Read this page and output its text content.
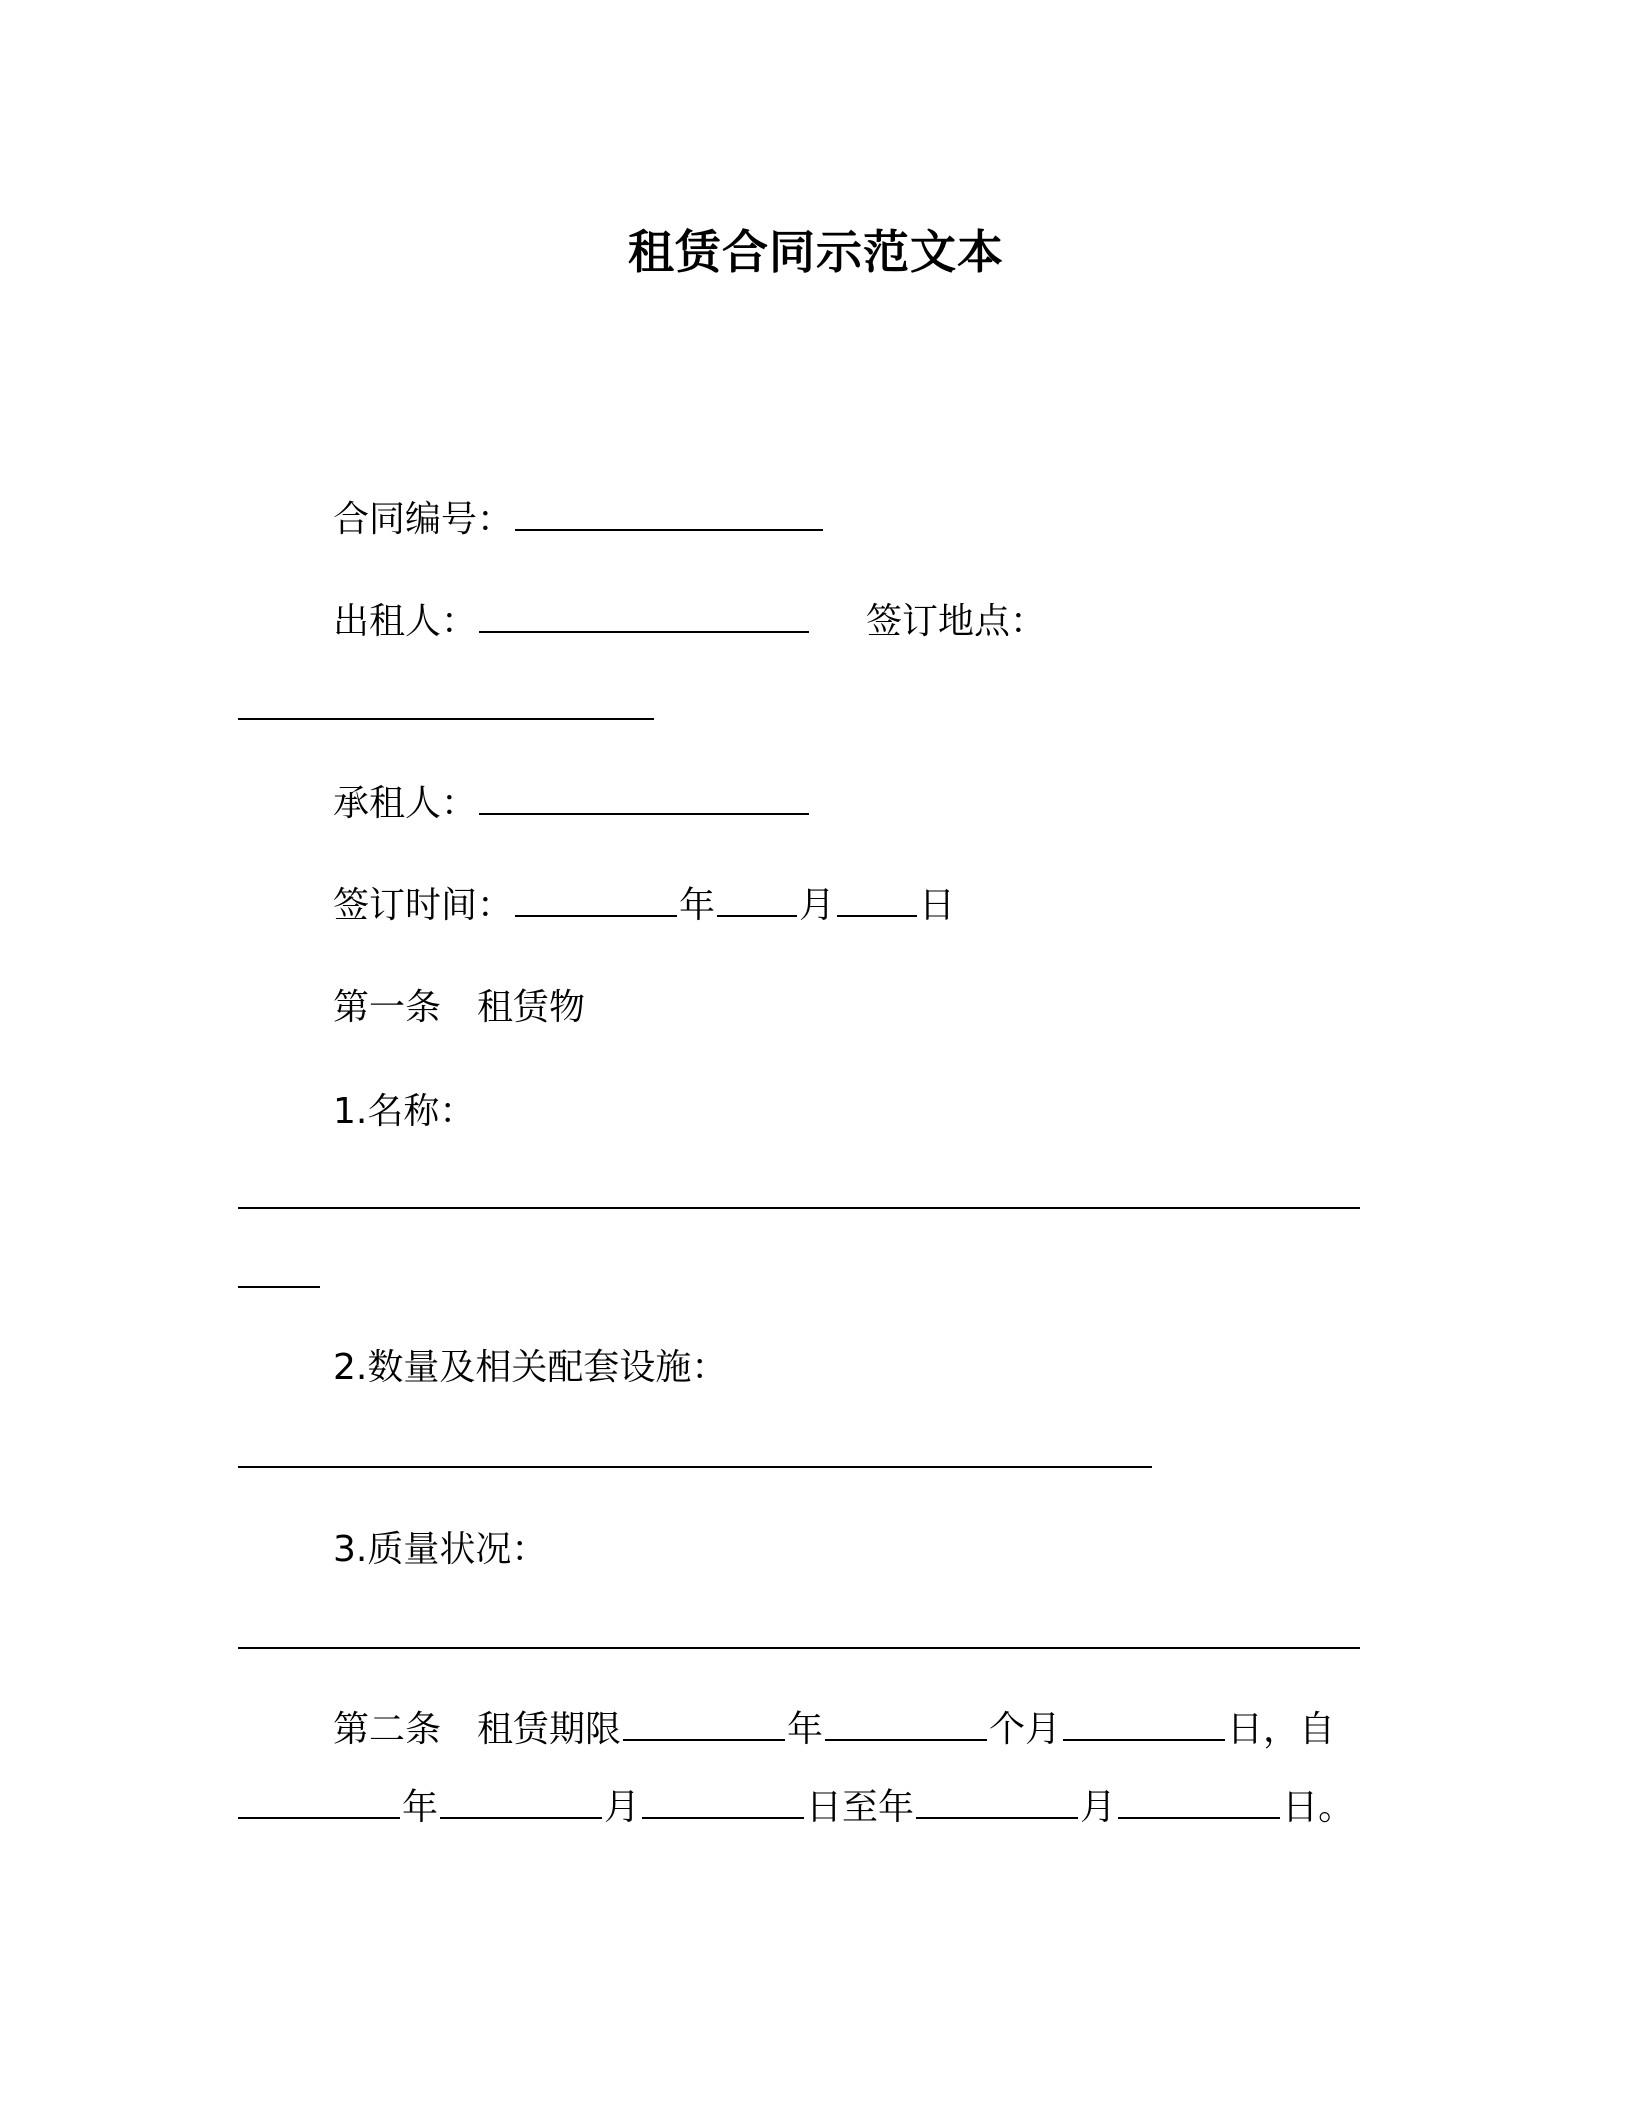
租赁合同示范文本
合同编号：
出租人：	签订地点：
承租人：
签订时间：	年 月 日
第一条　租赁物
1.名称：
2.数量及相关配套设施：
3.质量状况：
第二条　租赁期限	年	个月	日，自
年	月	日至年	月	日。
